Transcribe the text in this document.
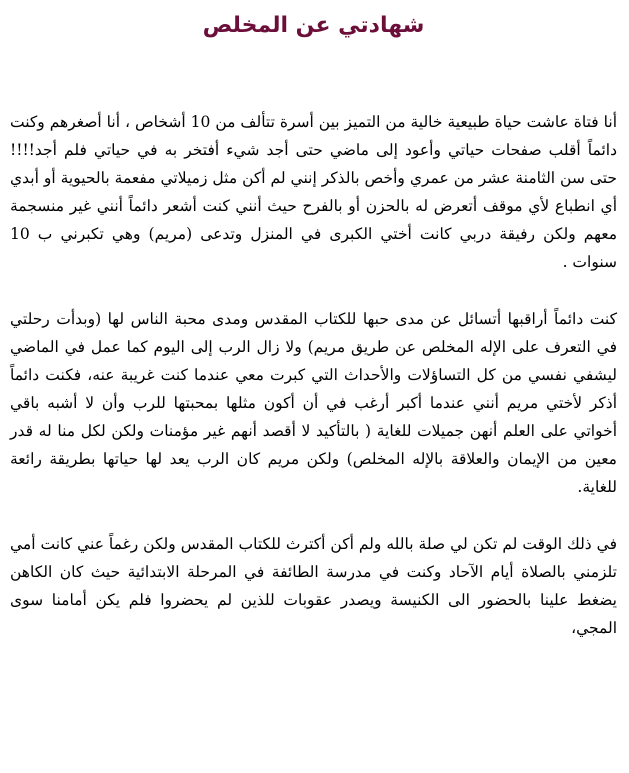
شهادتي عن المخلص

أنا فتاة عاشت حياة طبيعية خالية من التميز بين أسرة تتألف من 10 أشخاص ، أنا أصغرهم وكنت دائماً أقلب صفحات حياتي وأعود إلى ماضي حتى أجد شيء أفتخر به في حياتي فلم أجد!!!! حتى سن الثامنة عشر من عمري وأخص بالذكر إنني لم أكن مثل زميلاتي مفعمة بالحيوية أو أبدي أي انطباع لأي موقف أتعرض له بالحزن أو بالفرح حيث أنني كنت أشعر دائماً أنني غير منسجمة معهم ولكن رفيقة دربي كانت أختي الكبرى في المنزل وتدعى (مريم) وهي تكبرني ب 10 سنوات .

كنت دائماً أراقبها أتسائل عن مدى حبها للكتاب المقدس ومدى محبة الناس لها (وبدأت رحلتي في التعرف على الإله المخلص عن طريق مريم) ولا زال الرب إلى اليوم كما عمل في الماضي ليشفي نفسي من كل التساؤلات والأحداث التي كبرت معي عندما كنت غريبة عنه، فكنت دائماً أذكر لأختي مريم أنني عندما أكبر أرغب في أن أكون مثلها بمحبتها للرب وأن لا أشبه باقي أخواتي على العلم أنهن جميلات للغاية ( بالتأكيد لا أقصد أنهم غير مؤمنات ولكن لكل منا له قدر معين من الإيمان والعلاقة بالإله المخلص) ولكن مريم كان الرب يعد لها حياتها بطريقة رائعة للغاية.

في ذلك الوقت لم تكن لي صلة بالله ولم أكن أكترث للكتاب المقدس ولكن رغماً عني كانت أمي تلزمني بالصلاة أيام الآحاد وكنت في مدرسة الطائفة في المرحلة الابتدائية حيث كان الكاهن يضغط علينا بالحضور الى الكنيسة ويصدر عقوبات للذين لم يحضروا فلم يكن أمامنا سوى المجي،
